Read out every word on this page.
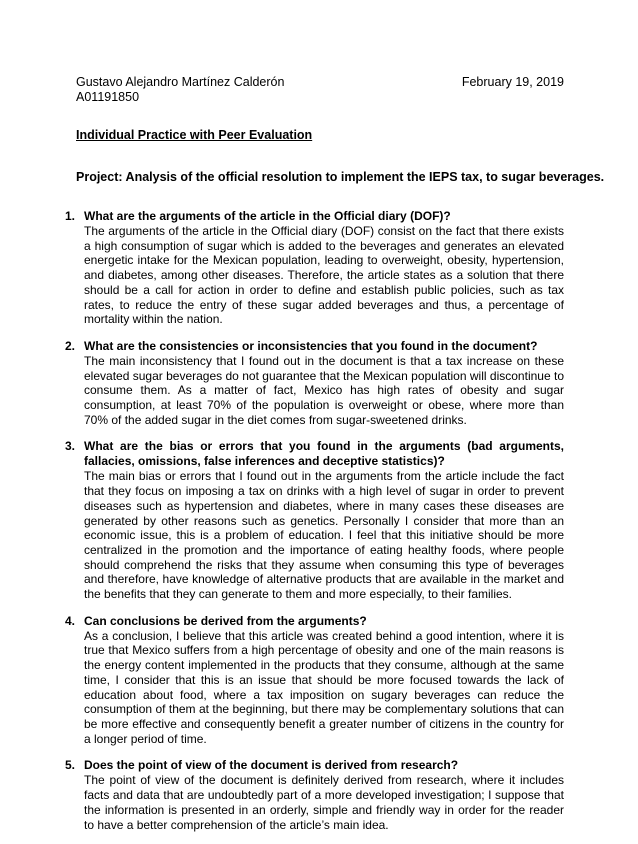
Gustavo Alejandro Martínez Calderón
A01191850
February 19, 2019
Individual Practice with Peer Evaluation
Project: Analysis of the official resolution to implement the IEPS tax, to sugar beverages.
1. What are the arguments of the article in the Official diary (DOF)?
The arguments of the article in the Official diary (DOF) consist on the fact that there exists a high consumption of sugar which is added to the beverages and generates an elevated energetic intake for the Mexican population, leading to overweight, obesity, hypertension, and diabetes, among other diseases. Therefore, the article states as a solution that there should be a call for action in order to define and establish public policies, such as tax rates, to reduce the entry of these sugar added beverages and thus, a percentage of mortality within the nation.
2. What are the consistencies or inconsistencies that you found in the document?
The main inconsistency that I found out in the document is that a tax increase on these elevated sugar beverages do not guarantee that the Mexican population will discontinue to consume them. As a matter of fact, Mexico has high rates of obesity and sugar consumption, at least 70% of the population is overweight or obese, where more than 70% of the added sugar in the diet comes from sugar-sweetened drinks.
3. What are the bias or errors that you found in the arguments (bad arguments, fallacies, omissions, false inferences and deceptive statistics)?
The main bias or errors that I found out in the arguments from the article include the fact that they focus on imposing a tax on drinks with a high level of sugar in order to prevent diseases such as hypertension and diabetes, where in many cases these diseases are generated by other reasons such as genetics. Personally I consider that more than an economic issue, this is a problem of education. I feel that this initiative should be more centralized in the promotion and the importance of eating healthy foods, where people should comprehend the risks that they assume when consuming this type of beverages and therefore, have knowledge of alternative products that are available in the market and the benefits that they can generate to them and more especially, to their families.
4. Can conclusions be derived from the arguments?
As a conclusion, I believe that this article was created behind a good intention, where it is true that Mexico suffers from a high percentage of obesity and one of the main reasons is the energy content implemented in the products that they consume, although at the same time, I consider that this is an issue that should be more focused towards the lack of education about food, where a tax imposition on sugary beverages can reduce the consumption of them at the beginning, but there may be complementary solutions that can be more effective and consequently benefit a greater number of citizens in the country for a longer period of time.
5. Does the point of view of the document is derived from research?
The point of view of the document is definitely derived from research, where it includes facts and data that are undoubtedly part of a more developed investigation; I suppose that the information is presented in an orderly, simple and friendly way in order for the reader to have a better comprehension of the article’s main idea.
